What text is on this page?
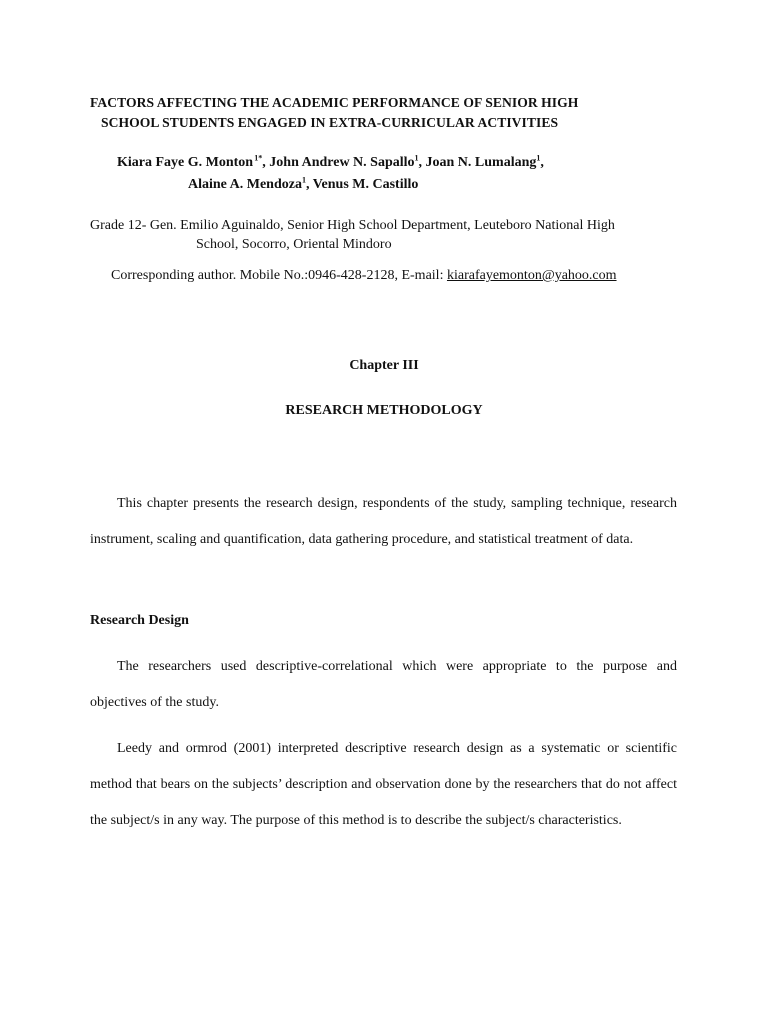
FACTORS AFFECTING THE ACADEMIC PERFORMANCE OF SENIOR HIGH

SCHOOL STUDENTS ENGAGED IN EXTRA-CURRICULAR ACTIVITIES

Kiara Faye G. Monton $^{1*}$, John Andrew N. Sapallo$^1$, Joan N. Lumalang$^1$,

Alaine A. Mendoza$^1$, Venus M. Castillo

Grade 12- Gen. Emilio Aguinaldo, Senior High School Department, Leuteboro National High

School, Socorro, Oriental Mindoro

Corresponding author. Mobile No.:0946-428-2128, E-mail: kiarafayemonton@yahoo.com

Chapter III

RESEARCH METHODOLOGY

This chapter presents the research design, respondents of the study, sampling technique, research instrument, scaling and quantification, data gathering procedure, and statistical treatment of data.

Research Design

The researchers used descriptive-correlational which were appropriate to the purpose and objectives of the study.

Leedy and ormrod (2001) interpreted descriptive research design as a systematic or scientific method that bears on the subjects’ description and observation done by the researchers that do not affect the subject/s in any way. The purpose of this method is to describe the subject/s characteristics.
